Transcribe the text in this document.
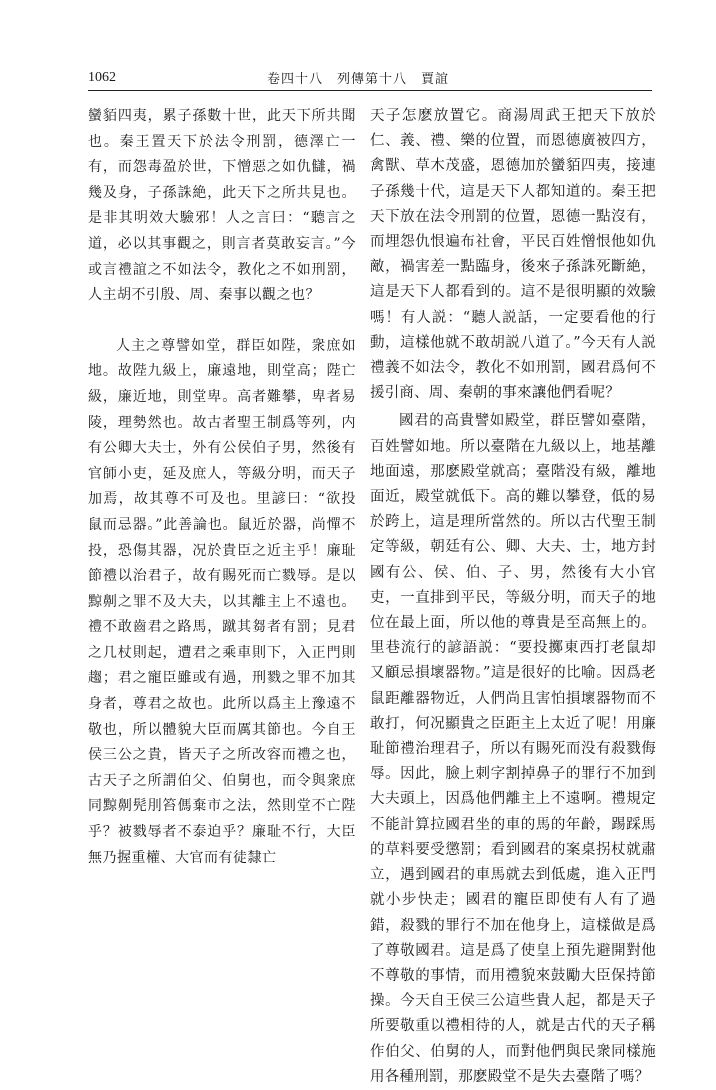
1062	卷四十八　列傳第十八　賈誼

蠻貊四夷，累子孫數十世，此天下所共聞也。秦王置天下於法令刑罰，德澤亡一有，而怨毒盈於世，下憎惡之如仇讎，禍幾及身，子孫誅絶，此天下之所共見也。是非其明效大驗邪！人之言曰：“聽言之道，必以其事觀之，則言者莫敢妄言。”今或言禮誼之不如法令，教化之不如刑罰，人主胡不引殷、周、秦事以觀之也？

人主之尊譬如堂，群臣如陛，衆庶如地。故陛九級上，廉遠地，則堂高；陛亡級，廉近地，則堂卑。高者難攀，卑者易陵，理勢然也。故古者聖王制爲等列，内有公卿大夫士，外有公侯伯子男，然後有官師小吏，延及庶人，等級分明，而天子加焉，故其尊不可及也。里諺曰：“欲投鼠而忌器。”此善論也。鼠近於器，尚憚不投，恐傷其器，况於貴臣之近主乎！廉耻節禮以治君子，故有賜死而亡戮辱。是以黥劓之罪不及大夫，以其離主上不遠也。禮不敢齒君之路馬，蹴其芻者有罰；見君之几杖則起，遭君之乘車則下，入正門則趨；君之寵臣雖或有過，刑戮之罪不加其身者，尊君之故也。此所以爲主上豫遠不敬也，所以體貌大臣而厲其節也。今自王侯三公之貴，皆天子之所改容而禮之也，古天子之所謂伯父、伯舅也，而令與衆庶同黥劓髡刖笞傌棄市之法，然則堂不亡陛乎？被戮辱者不泰迫乎？廉耻不行，大臣無乃握重權、大官而有徒隸亡

天子怎麽放置它。商湯周武王把天下放於仁、義、禮、樂的位置，而恩德廣被四方，禽獸、草木茂盛，恩德加於蠻貊四夷，接連子孫幾十代，這是天下人都知道的。秦王把天下放在法令刑罰的位置，恩德一點沒有，而埋怨仇恨遍布社會，平民百姓憎恨他如仇敵，禍害差一點臨身，後來子孫誅死斷絶，這是天下人都看到的。這不是很明顯的效驗嗎！有人説：“聽人説話，一定要看他的行動，這樣他就不敢胡説八道了。”今天有人説禮義不如法令，教化不如刑罰，國君爲何不援引商、周、秦朝的事來讓他們看呢？

國君的高貴譬如殿堂，群臣譬如臺階，百姓譬如地。所以臺階在九級以上，地基離地面遠，那麽殿堂就高；臺階没有級，離地面近，殿堂就低下。高的難以攀登，低的易於跨上，這是理所當然的。所以古代聖王制定等級，朝廷有公、卿、大夫、士，地方封國有公、侯、伯、子、男，然後有大小官吏，一直排到平民，等級分明，而天子的地位在最上面，所以他的尊貴是至高無上的。里巷流行的諺語説：“要投擲東西打老鼠却又顧忌損壞器物。”這是很好的比喻。因爲老鼠距離器物近，人們尚且害怕損壞器物而不敢打，何况顯貴之臣距主上太近了呢！用廉耻節禮治理君子，所以有賜死而没有殺戮侮辱。因此，臉上刺字割掉鼻子的罪行不加到大夫頭上，因爲他們離主上不遠啊。禮規定不能計算拉國君坐的車的馬的年齡，踢踩馬的草料要受懲罰；看到國君的案桌拐杖就肅立，遇到國君的車馬就去到低處，進入正門就小步快走；國君的寵臣即使有人有了過錯，殺戮的罪行不加在他身上，這樣做是爲了尊敬國君。這是爲了使皇上預先避開對他不尊敬的事情，而用禮貌來鼓勵大臣保持節操。今天自王侯三公這些貴人起，都是天子所要敬重以禮相待的人，就是古代的天子稱作伯父、伯舅的人，而對他們與民衆同樣施用各種刑罰，那麽殿堂不是失去臺階了嗎？
